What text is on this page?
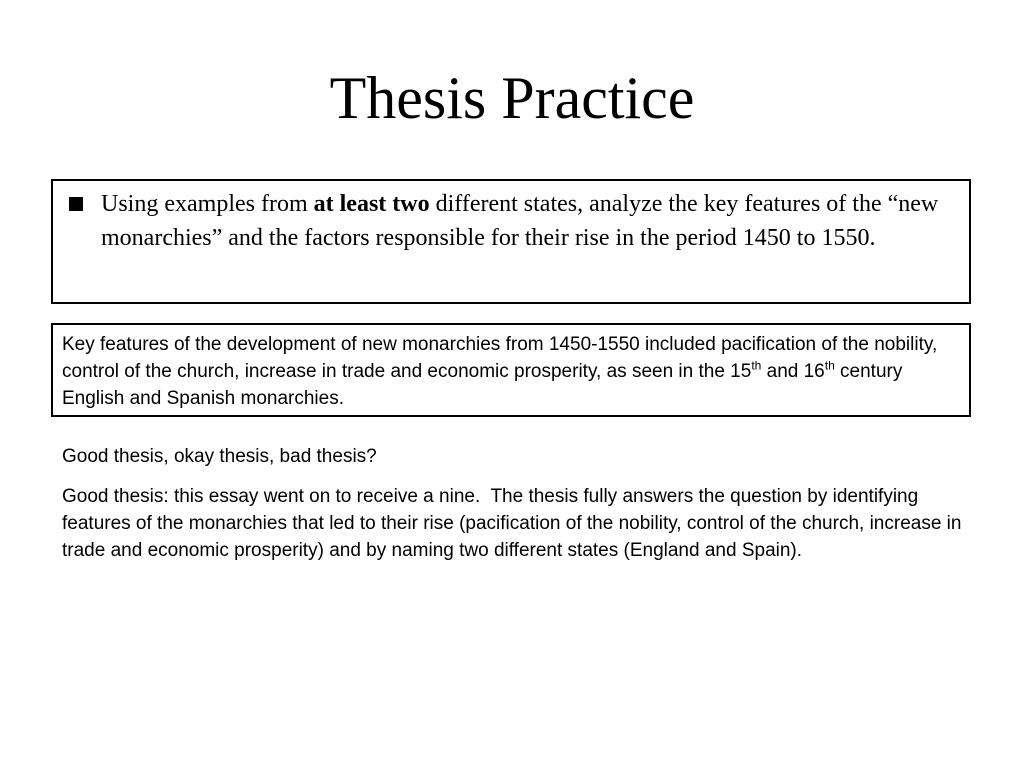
Thesis Practice
Using examples from at least two different states, analyze the key features of the “new monarchies” and the factors responsible for their rise in the period 1450 to 1550.
Key features of the development of new monarchies from 1450-1550 included pacification of the nobility, control of the church, increase in trade and economic prosperity, as seen in the 15th and 16th century English and Spanish monarchies.

Good thesis, okay thesis, bad thesis?

Good thesis: this essay went on to receive a nine.  The thesis fully answers the question by identifying features of the monarchies that led to their rise (pacification of the nobility, control of the church, increase in trade and economic prosperity) and by naming two different states (England and Spain).
